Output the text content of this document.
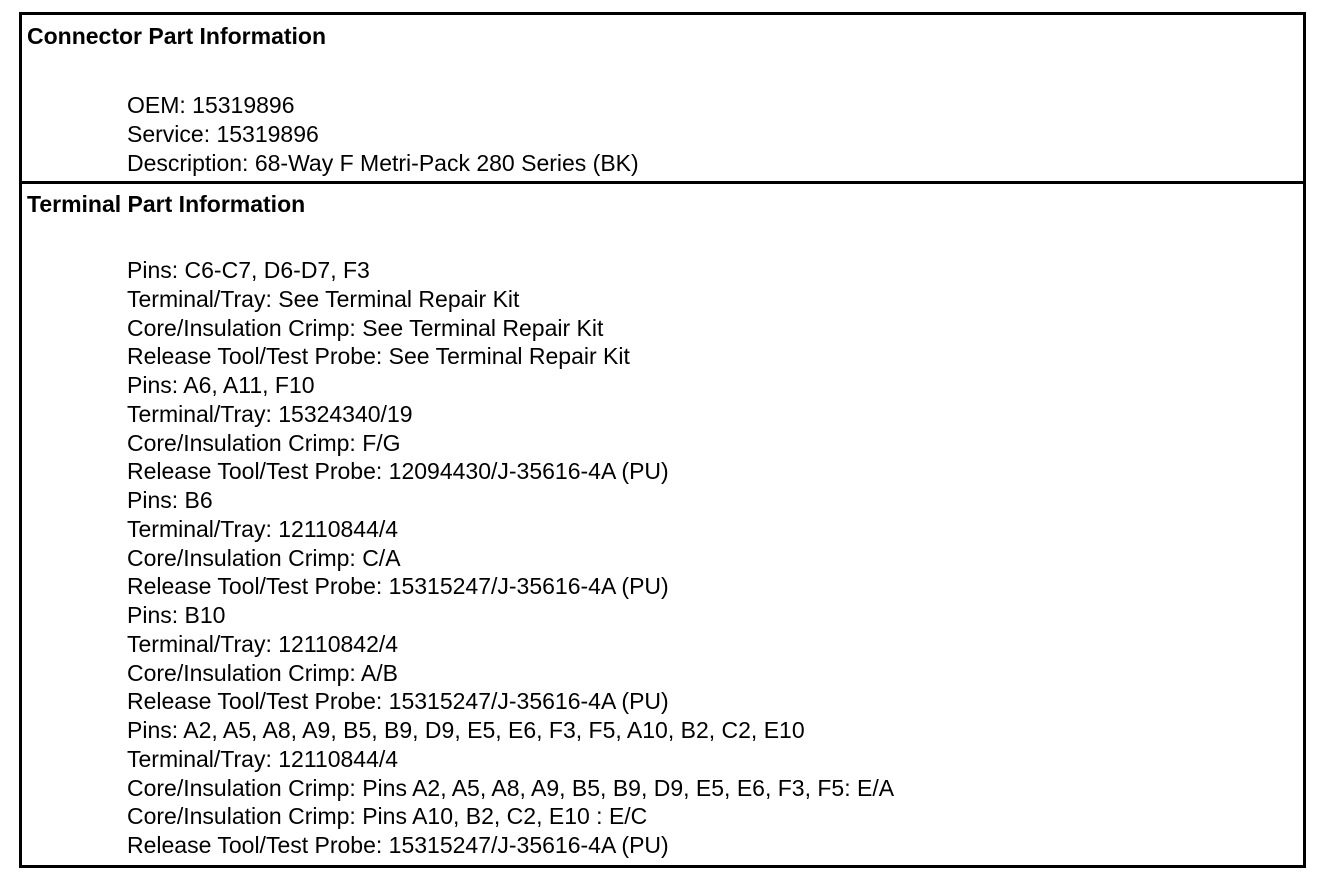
Connector Part Information
OEM: 15319896
Service: 15319896
Description: 68-Way F Metri-Pack 280 Series (BK)
Terminal Part Information
Pins: C6-C7, D6-D7, F3
Terminal/Tray: See Terminal Repair Kit
Core/Insulation Crimp: See Terminal Repair Kit
Release Tool/Test Probe: See Terminal Repair Kit
Pins: A6, A11, F10
Terminal/Tray: 15324340/19
Core/Insulation Crimp: F/G
Release Tool/Test Probe: 12094430/J-35616-4A (PU)
Pins: B6
Terminal/Tray: 12110844/4
Core/Insulation Crimp: C/A
Release Tool/Test Probe: 15315247/J-35616-4A (PU)
Pins: B10
Terminal/Tray: 12110842/4
Core/Insulation Crimp: A/B
Release Tool/Test Probe: 15315247/J-35616-4A (PU)
Pins: A2, A5, A8, A9, B5, B9, D9, E5, E6, F3, F5, A10, B2, C2, E10
Terminal/Tray: 12110844/4
Core/Insulation Crimp: Pins A2, A5, A8, A9, B5, B9, D9, E5, E6, F3, F5: E/A
Core/Insulation Crimp: Pins A10, B2, C2, E10 : E/C
Release Tool/Test Probe: 15315247/J-35616-4A (PU)
